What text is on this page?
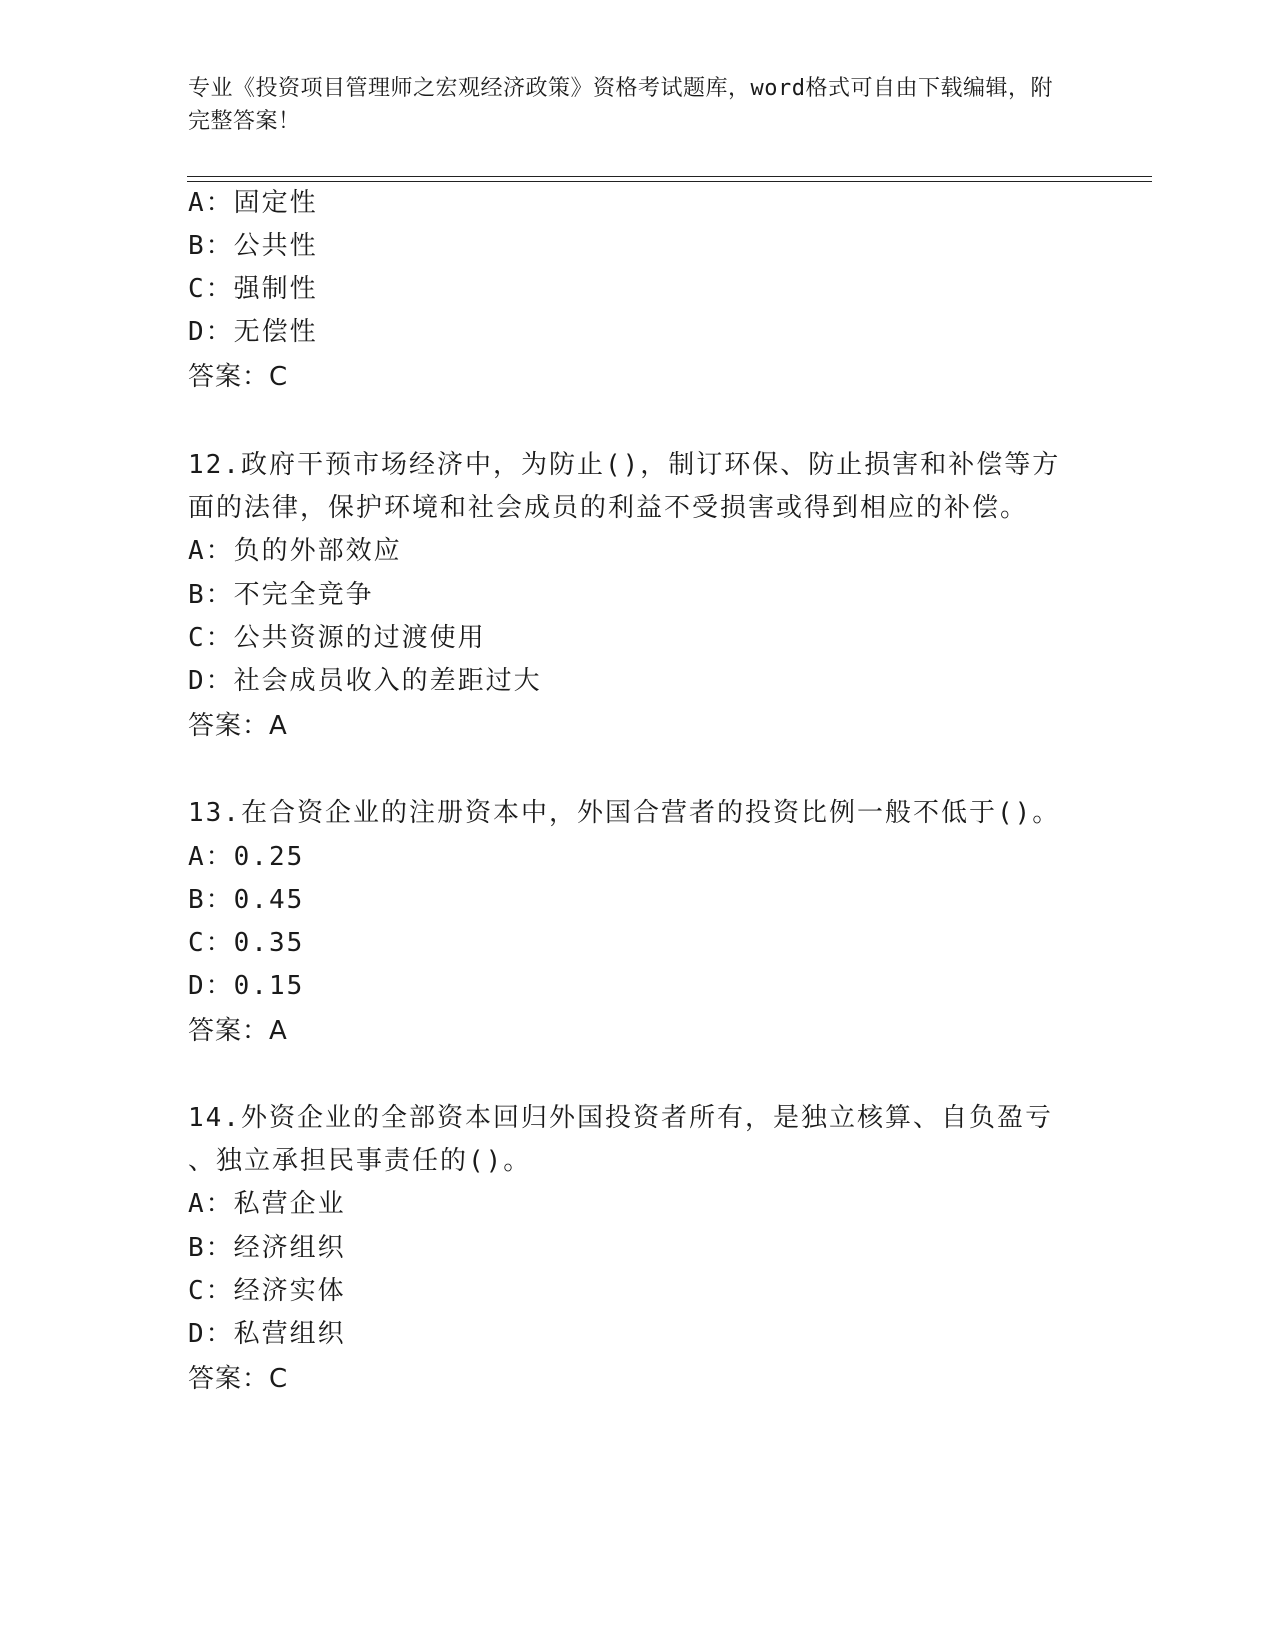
专业《投资项目管理师之宏观经济政策》资格考试题库，word格式可自由下载编辑，附完整答案！
A：固定性
B：公共性
C：强制性
D：无偿性
答案：C
12.政府干预市场经济中，为防止()，制订环保、防止损害和补偿等方
面的法律，保护环境和社会成员的利益不受损害或得到相应的补偿。
A：负的外部效应
B：不完全竞争
C：公共资源的过渡使用
D：社会成员收入的差距过大
答案：A
13.在合资企业的注册资本中，外国合营者的投资比例一般不低于()。
A：0.25
B：0.45
C：0.35
D：0.15
答案：A
14.外资企业的全部资本回归外国投资者所有，是独立核算、自负盈亏
、独立承担民事责任的()。
A：私营企业
B：经济组织
C：经济实体
D：私营组织
答案：C
